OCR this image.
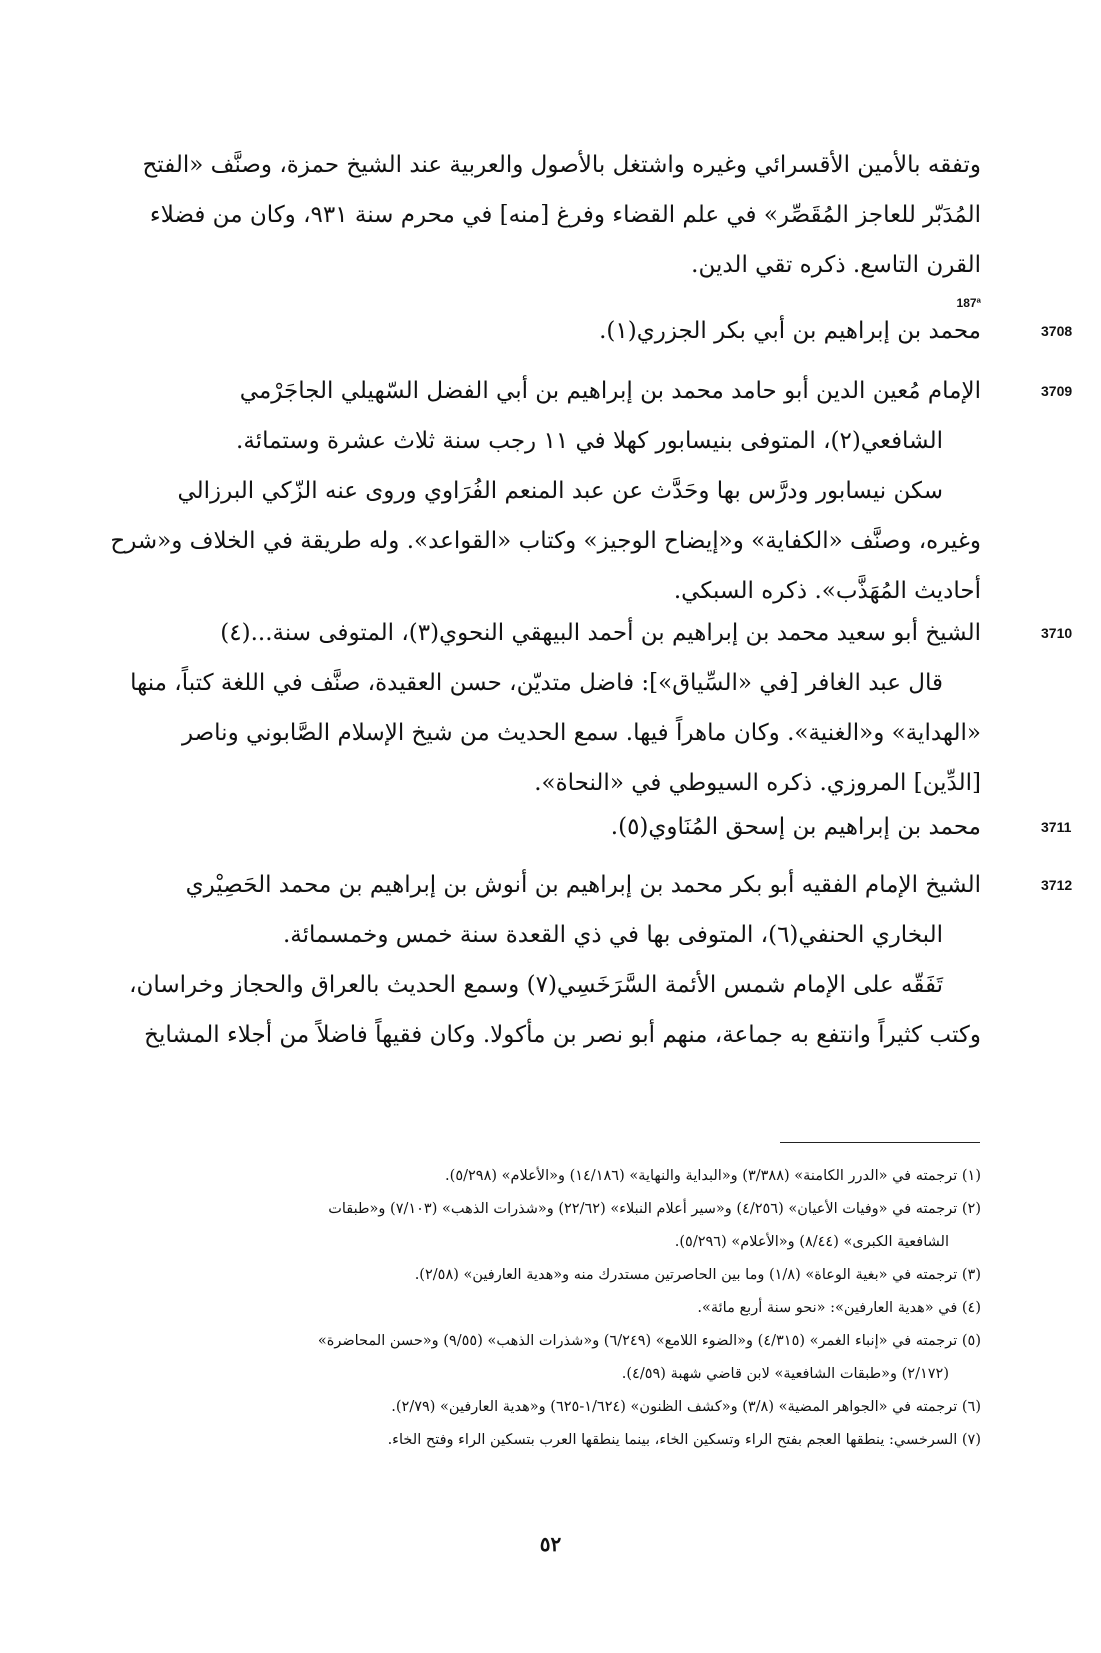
وتفقه بالأمين الأقسرائي وغيره واشتغل بالأصول والعربية عند الشيخ حمزة، وصنَّف «الفتح

المُدَبّر للعاجز المُقَصِّر» في علم القضاء وفرغ [منه] في محرم سنة ٩٣١، وكان من فضلاء

القرن التاسع. ذكره تقي الدين.

187ª
3708

محمد بن إبراهيم بن أبي بكر الجزري(١).

3709

الإمام مُعين الدين أبو حامد محمد بن إبراهيم بن أبي الفضل السّهيلي الجاجَرْمي

الشافعي(٢)، المتوفى بنيسابور كهلا في ١١ رجب سنة ثلاث عشرة وستمائة.

سكن نيسابور ودرَّس بها وحَدَّث عن عبد المنعم الفُرَاوي وروى عنه الزّكي البرزالي

وغيره، وصنَّف «الكفاية» و«إيضاح الوجيز» وكتاب «القواعد». وله طريقة في الخلاف و«شرح

أحاديث المُهَذَّب». ذكره السبكي.

3710

الشيخ أبو سعيد محمد بن إبراهيم بن أحمد البيهقي النحوي(٣)، المتوفى سنة...(٤)

قال عبد الغافر [في «السِّياق»]: فاضل متديّن، حسن العقيدة، صنَّف في اللغة كتباً، منها

«الهداية» و«الغنية». وكان ماهراً فيها. سمع الحديث من شيخ الإسلام الصَّابوني وناصر

[الدِّين] المروزي. ذكره السيوطي في «النحاة».

3711

محمد بن إبراهيم بن إسحق المُنَاوي(٥).

3712

الشيخ الإمام الفقيه أبو بكر محمد بن إبراهيم بن أنوش بن إبراهيم بن محمد الحَصِيْري

البخاري الحنفي(٦)، المتوفى بها في ذي القعدة سنة خمس وخمسمائة.

تَفَقّه على الإمام شمس الأئمة السَّرَخَسِي(٧) وسمع الحديث بالعراق والحجاز وخراسان،

وكتب كثيراً وانتفع به جماعة، منهم أبو نصر بن مأكولا. وكان فقيهاً فاضلاً من أجلاء المشايخ

(١) ترجمته في «الدرر الكامنة» (٣/٣٨٨) و«البداية والنهاية» (١٤/١٨٦) و«الأعلام» (٥/٢٩٨).

(٢) ترجمته في «وفيات الأعيان» (٤/٢٥٦) و«سير أعلام النبلاء» (٢٢/٦٢) و«شذرات الذهب» (٧/١٠٣) و«طبقات

الشافعية الكبرى» (٨/٤٤) و«الأعلام» (٥/٢٩٦).

(٣) ترجمته في «بغية الوعاة» (١/٨) وما بين الحاصرتين مستدرك منه و«هدية العارفين» (٢/٥٨).

(٤) في «هدية العارفين»: «نحو سنة أربع مائة».

(٥) ترجمته في «إنباء الغمر» (٤/٣١٥) و«الضوء اللامع» (٦/٢٤٩) و«شذرات الذهب» (٩/٥٥) و«حسن المحاضرة»

(٢/١٧٢) و«طبقات الشافعية» لابن قاضي شهبة (٤/٥٩).

(٦) ترجمته في «الجواهر المضية» (٣/٨) و«كشف الظنون» (١/٦٢٤-٦٢٥) و«هدية العارفين» (٢/٧٩).

(٧) السرخسي: ينطقها العجم بفتح الراء وتسكين الخاء، بينما ينطقها العرب بتسكين الراء وفتح الخاء.

٥٢
